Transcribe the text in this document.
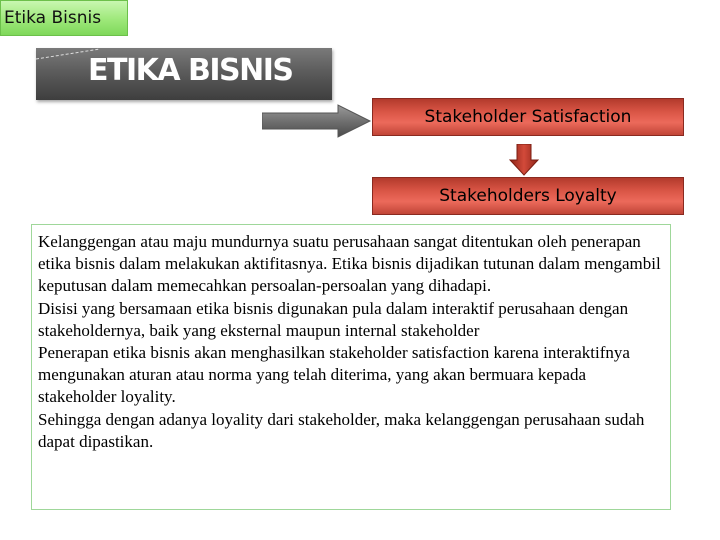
Etika Bisnis
ETIKA BISNIS
Stakeholder Satisfaction
Stakeholders Loyalty

Kelanggengan atau maju mundurnya suatu perusahaan sangat ditentukan oleh penerapan etika bisnis dalam melakukan aktifitasnya. Etika bisnis dijadikan tutunan dalam mengambil keputusan dalam memecahkan persoalan-persoalan yang dihadapi.

Disisi yang bersamaan etika bisnis digunakan pula dalam interaktif perusahaan dengan stakeholdernya, baik yang eksternal maupun internal stakeholder

Penerapan etika bisnis akan menghasilkan stakeholder satisfaction karena interaktifnya mengunakan aturan atau norma yang telah diterima, yang akan bermuara kepada stakeholder loyality.

Sehingga dengan adanya loyality dari stakeholder, maka kelanggengan perusahaan sudah dapat dipastikan.
